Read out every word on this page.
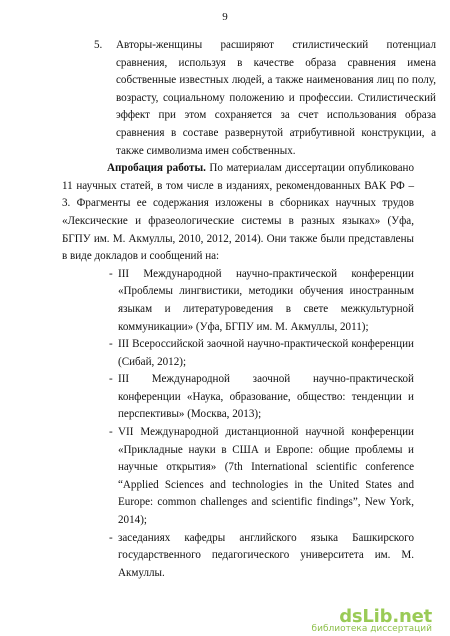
9
5. Авторы-женщины расширяют стилистический потенциал сравнения, используя в качестве образа сравнения имена собственные известных людей, а также наименования лиц по полу, возрасту, социальному положению и профессии. Стилистический эффект при этом сохраняется за счет использования образа сравнения в составе развернутой атрибутивной конструкции, а также символизма имен собственных.
Апробация работы. По материалам диссертации опубликовано 11 научных статей, в том числе в изданиях, рекомендованных ВАК РФ – 3. Фрагменты ее содержания изложены в сборниках научных трудов «Лексические и фразеологические системы в разных языках» (Уфа, БГПУ им. М. Акмуллы, 2010, 2012, 2014). Они также были представлены в виде докладов и сообщений на:
- III Международной научно-практической конференции «Проблемы лингвистики, методики обучения иностранным языкам и литературоведения в свете межкультурной коммуникации» (Уфа, БГПУ им. М. Акмуллы, 2011);
- III Всероссийской заочной научно-практической конференции (Сибай, 2012);
- III Международной заочной научно-практической конференции «Наука, образование, общество: тенденции и перспективы» (Москва, 2013);
- VII Международной дистанционной научной конференции «Прикладные науки в США и Европе: общие проблемы и научные открытия» (7th International scientific conference “Applied Sciences and technologies in the United States and Europe: common challenges and scientific findings”, New York, 2014);
- заседаниях кафедры английского языка Башкирского государственного педагогического университета им. М. Акмуллы.
dsLib.net
библиотека диссертаций
